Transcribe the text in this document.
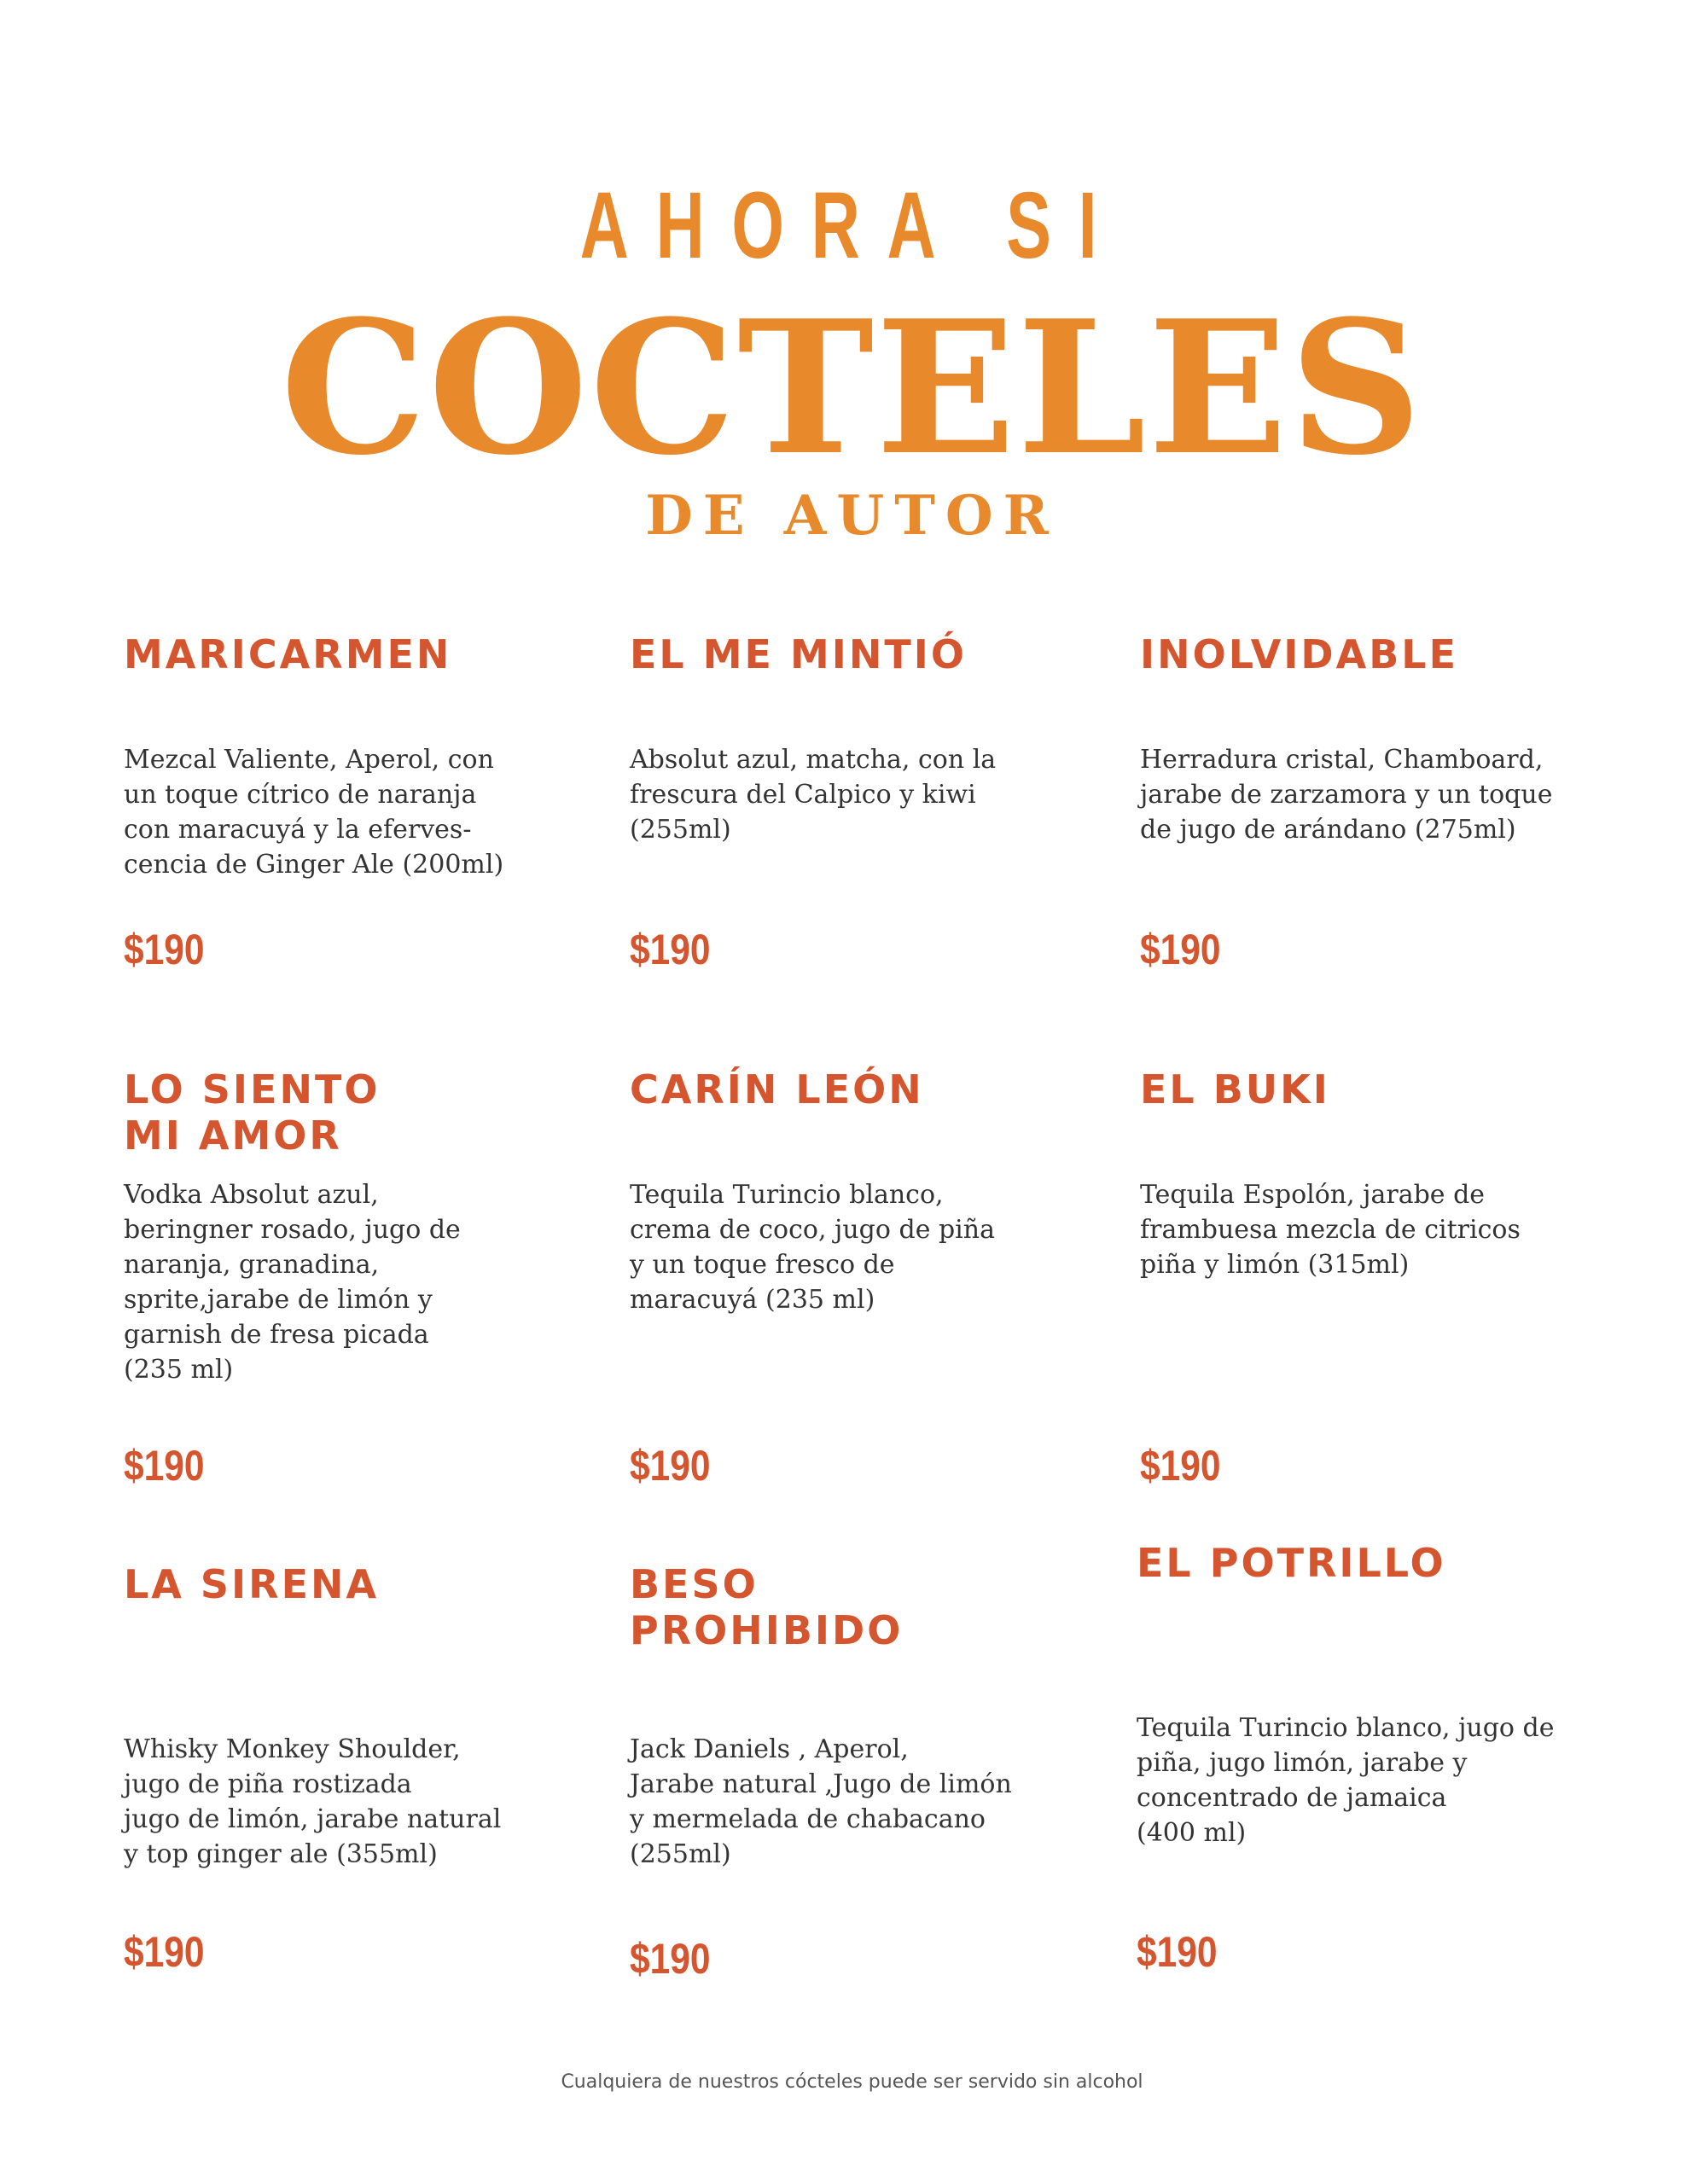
AHORA SI
COCTELES
DE AUTOR
MARICARMEN
Mezcal Valiente, Aperol, con
un toque cítrico de naranja
con maracuyá y la eferves-
cencia de Ginger Ale (200ml)
$190
EL ME MINTIÓ
Absolut azul, matcha, con la
frescura del Calpico y kiwi
(255ml)
$190
INOLVIDABLE
Herradura cristal, Chamboard,
jarabe de zarzamora y un toque
de jugo de arándano (275ml)
$190
LO SIENTO
MI AMOR
Vodka Absolut azul,
beringner rosado, jugo de
naranja, granadina,
sprite,jarabe de limón y
garnish de fresa picada
(235 ml)
$190
CARÍN LEÓN
Tequila Turincio blanco,
crema de coco, jugo de piña
y un toque fresco de
maracuyá (235 ml)
$190
EL BUKI
Tequila Espolón, jarabe de
frambuesa mezcla de citricos
piña y limón (315ml)
$190
LA SIRENA
Whisky Monkey Shoulder,
jugo de piña rostizada
jugo de limón, jarabe natural
y top ginger ale (355ml)
$190
BESO
PROHIBIDO
Jack Daniels , Aperol,
Jarabe natural ,Jugo de limón
y mermelada de chabacano
(255ml)
$190
EL POTRILLO
Tequila Turincio blanco, jugo de
piña, jugo limón, jarabe y
concentrado de jamaica
(400 ml)
$190
Cualquiera de nuestros cócteles puede ser servido sin alcohol
